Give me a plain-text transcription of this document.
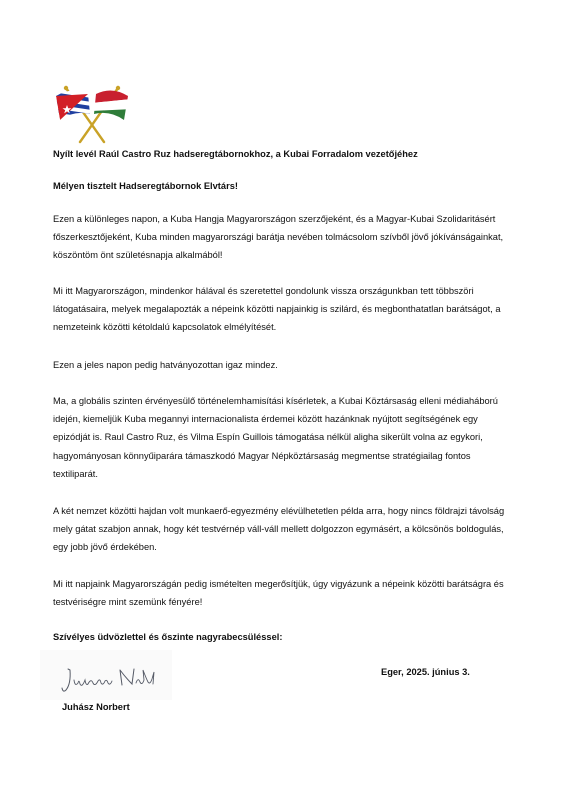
Nyílt levél Raúl Castro Ruz hadseregtábornokhoz, a Kubai Forradalom vezetőjéhez
Mélyen tisztelt Hadseregtábornok Elvtárs!
Ezen a különleges napon, a Kuba Hangja Magyarországon szerzőjeként, és a Magyar-Kubai Szolidaritásért főszerkesztőjeként, Kuba minden magyarországi barátja nevében tolmácsolom szívből jövő jókívánságainkat, köszöntöm önt születésnapja alkalmából!
Mi itt Magyarországon, mindenkor hálával és szeretettel gondolunk vissza országunkban tett többszöri látogatásaira, melyek megalapozták a népeink közötti napjainkig is szilárd, és megbonthatatlan barátságot, a nemzeteink közötti kétoldalú kapcsolatok elmélyítését.
Ezen a jeles napon pedig hatványozottan igaz mindez.
Ma, a globális szinten érvényesülő történelemhamisítási kísérletek, a Kubai Köztársaság elleni médiaháború idején, kiemeljük Kuba megannyi internacionalista érdemei között hazánknak nyújtott segítségének egy epizódját is. Raul Castro Ruz, és Vilma Espín Guillois támogatása nélkül aligha sikerült volna az egykori, hagyományosan könnyűiparára támaszkodó Magyar Népköztársaság megmentse stratégiailag fontos textiliparát.
A két nemzet közötti hajdan volt munkaerő-egyezmény elévülhetetlen példa arra, hogy nincs földrajzi távolság mely gátat szabjon annak, hogy két testvérnép váll-váll mellett dolgozzon egymásért, a kölcsönös boldogulás, egy jobb jövő érdekében.
Mi itt napjaink Magyarországán pedig ismételten megerősítjük, úgy vigyázunk a népeink közötti barátságra és testvériségre mint szemünk fényére!
Szívélyes üdvözlettel és őszinte nagyrabecsüléssel:
Juhász Norbert
Eger, 2025. június 3.
